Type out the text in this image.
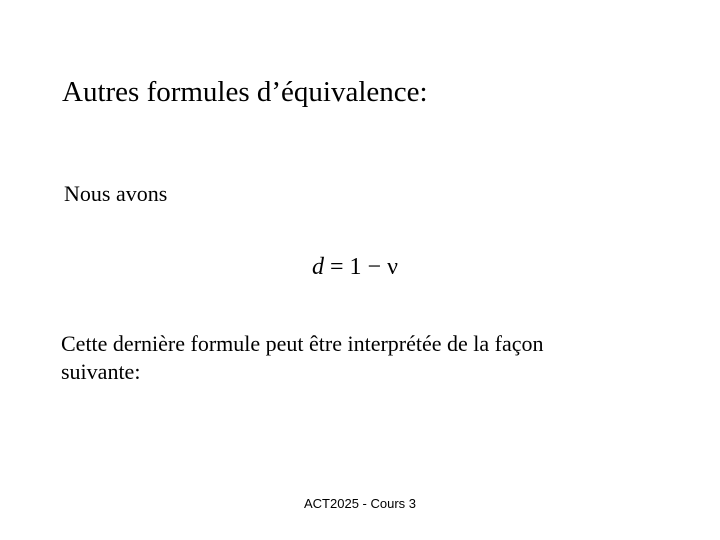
Autres formules d’équivalence:
Nous avons
d = 1 − ν
Cette dernière formule peut être interprétée de la façon suivante:
ACT2025 - Cours 3
